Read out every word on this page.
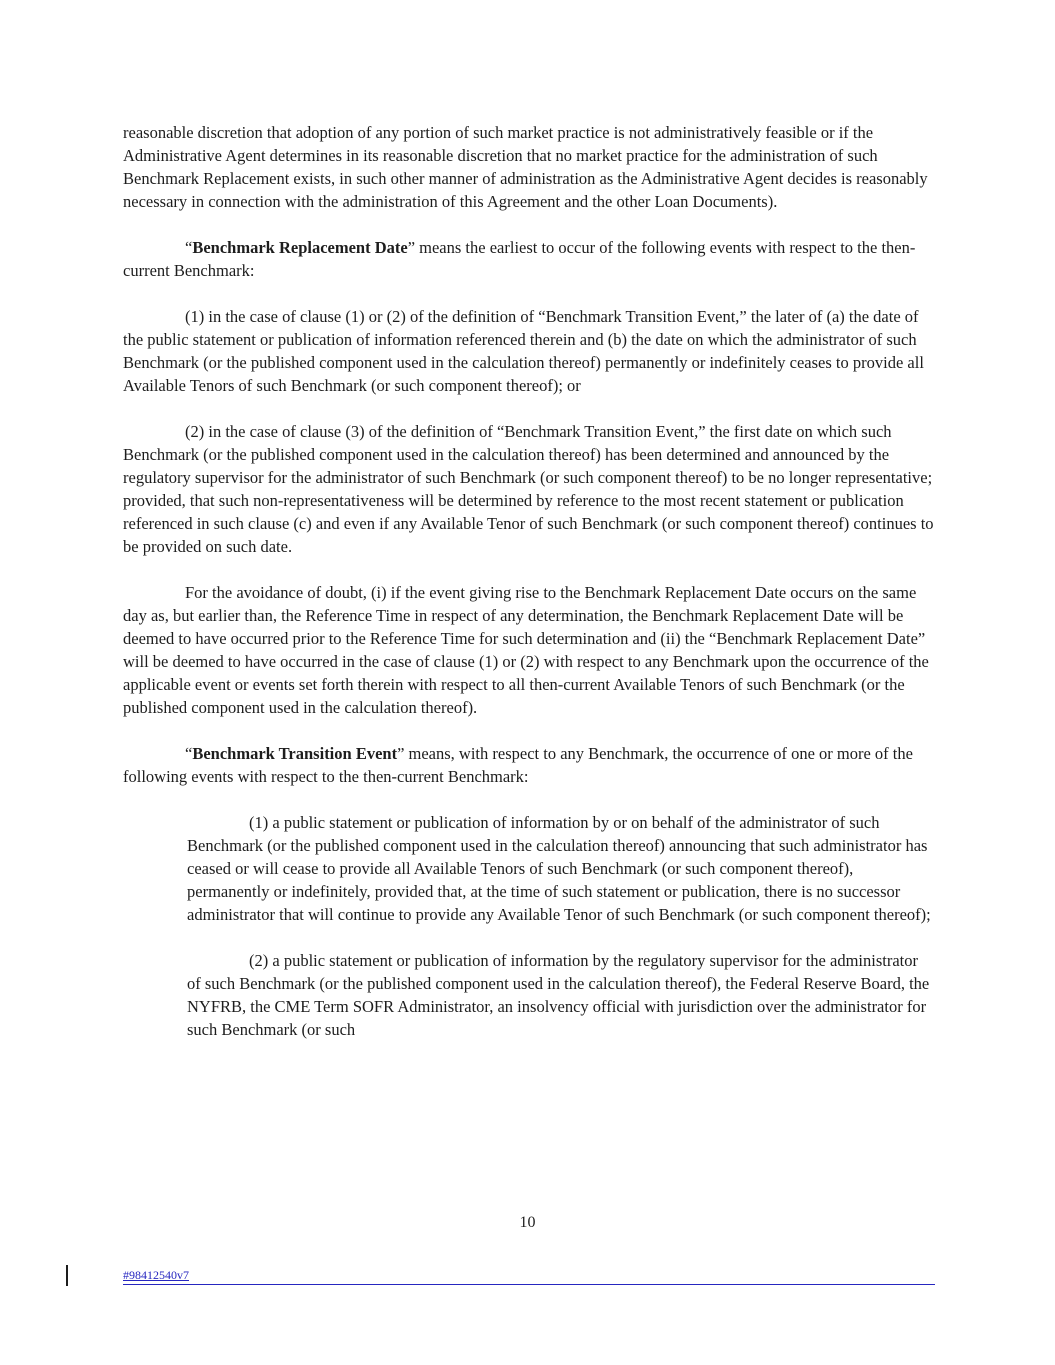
reasonable discretion that adoption of any portion of such market practice is not administratively feasible or if the Administrative Agent determines in its reasonable discretion that no market practice for the administration of such Benchmark Replacement exists, in such other manner of administration as the Administrative Agent decides is reasonably necessary in connection with the administration of this Agreement and the other Loan Documents).

“Benchmark Replacement Date” means the earliest to occur of the following events with respect to the then-current Benchmark:

(1) in the case of clause (1) or (2) of the definition of “Benchmark Transition Event,” the later of (a) the date of the public statement or publication of information referenced therein and (b) the date on which the administrator of such Benchmark (or the published component used in the calculation thereof) permanently or indefinitely ceases to provide all Available Tenors of such Benchmark (or such component thereof); or

(2) in the case of clause (3) of the definition of “Benchmark Transition Event,” the first date on which such Benchmark (or the published component used in the calculation thereof) has been determined and announced by the regulatory supervisor for the administrator of such Benchmark (or such component thereof) to be no longer representative; provided, that such non-representativeness will be determined by reference to the most recent statement or publication referenced in such clause (c) and even if any Available Tenor of such Benchmark (or such component thereof) continues to be provided on such date.

For the avoidance of doubt, (i) if the event giving rise to the Benchmark Replacement Date occurs on the same day as, but earlier than, the Reference Time in respect of any determination, the Benchmark Replacement Date will be deemed to have occurred prior to the Reference Time for such determination and (ii) the “Benchmark Replacement Date” will be deemed to have occurred in the case of clause (1) or (2) with respect to any Benchmark upon the occurrence of the applicable event or events set forth therein with respect to all then-current Available Tenors of such Benchmark (or the published component used in the calculation thereof).

“Benchmark Transition Event” means, with respect to any Benchmark, the occurrence of one or more of the following events with respect to the then-current Benchmark:

(1) a public statement or publication of information by or on behalf of the administrator of such Benchmark (or the published component used in the calculation thereof) announcing that such administrator has ceased or will cease to provide all Available Tenors of such Benchmark (or such component thereof), permanently or indefinitely, provided that, at the time of such statement or publication, there is no successor administrator that will continue to provide any Available Tenor of such Benchmark (or such component thereof);

(2) a public statement or publication of information by the regulatory supervisor for the administrator of such Benchmark (or the published component used in the calculation thereof), the Federal Reserve Board, the NYFRB, the CME Term SOFR Administrator, an insolvency official with jurisdiction over the administrator for such Benchmark (or such

10
#98412540v7
